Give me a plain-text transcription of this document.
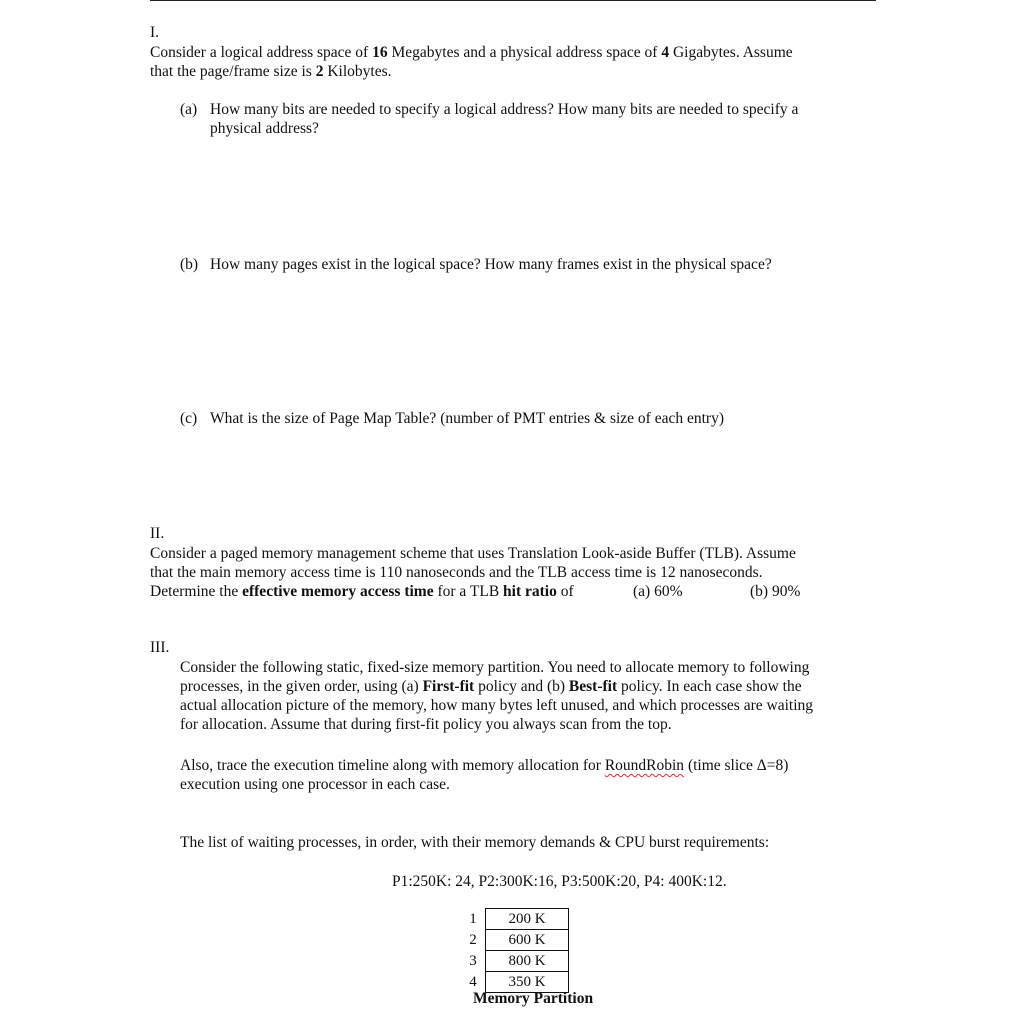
I.
Consider a logical address space of 16 Megabytes and a physical address space of 4 Gigabytes. Assume
that the page/frame size is 2 Kilobytes.
(a) How many bits are needed to specify a logical address? How many bits are needed to specify a
physical address?
(b) How many pages exist in the logical space? How many frames exist in the physical space?
(c) What is the size of Page Map Table? (number of PMT entries & size of each entry)
II.
Consider a paged memory management scheme that uses Translation Look-aside Buffer (TLB). Assume
that the main memory access time is 110 nanoseconds and the TLB access time is 12 nanoseconds.
Determine the effective memory access time for a TLB hit ratio of	(a) 60%	(b) 90%
III.
Consider the following static, fixed-size memory partition. You need to allocate memory to following
processes, in the given order, using (a) First-fit policy and (b) Best-fit policy. In each case show the
actual allocation picture of the memory, how many bytes left unused, and which processes are waiting
for allocation. Assume that during first-fit policy you always scan from the top.
Also, trace the execution timeline along with memory allocation for RoundRobin (time slice Δ=8)
execution using one processor in each case.
The list of waiting processes, in order, with their memory demands & CPU burst requirements:
P1:250K: 24, P2:300K:16, P3:500K:20, P4: 400K:12.
1	200 K
2	600 K
3	800 K
4	350 K
Memory Partition
